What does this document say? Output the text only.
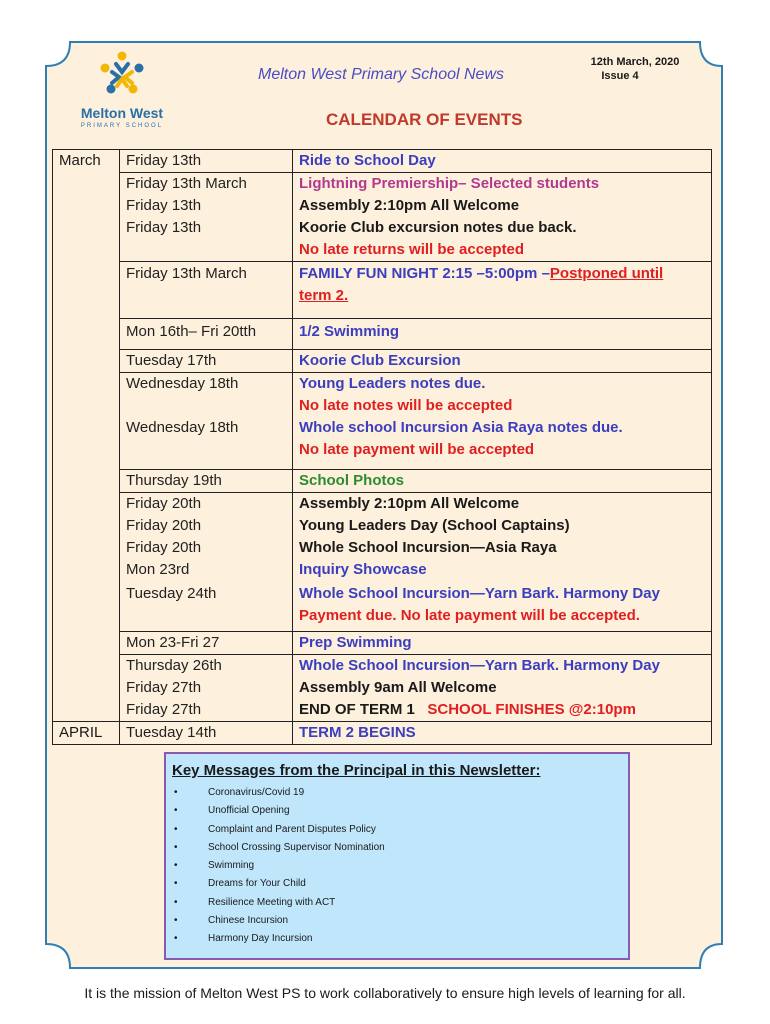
Melton West
PRIMARY SCHOOL
Melton West Primary School News
12th March, 2020
Issue 4
CALENDAR OF EVENTS
March	Friday 13th	Ride to School Day
	Friday 13th March	Lightning Premiership– Selected students
	Friday 13th	Assembly 2:10pm All Welcome
	Friday 13th	Koorie Club excursion notes due back.
No late returns will be accepted

	Friday 13th March	FAMILY FUN NIGHT 2:15 –5:00pm –Postponed until
term 2.

	Mon 16th– Fri 20tth	1/2 Swimming
	Tuesday 17th	Koorie Club Excursion
	Wednesday 18th	Young Leaders notes due.
No late notes will be accepted

	Wednesday 18th	Whole school Incursion Asia Raya notes due.
No late payment will be accepted

	Thursday 19th	School Photos
	Friday 20th	Assembly 2:10pm All Welcome
	Friday 20th	Young Leaders Day (School Captains)
	Friday 20th	Whole School Incursion—Asia Raya
	Mon 23rd	Inquiry Showcase
	Tuesday 24th	Whole School Incursion—Yarn Bark. Harmony Day
Payment due. No late payment will be accepted.

	Mon 23-Fri 27	Prep Swimming
	Thursday 26th	Whole School Incursion—Yarn Bark. Harmony Day
	Friday 27th	Assembly 9am All Welcome
	Friday 27th	END OF TERM 1 SCHOOL FINISHES @2:10pm
APRIL	Tuesday 14th	TERM 2 BEGINS
Key Messages from the Principal in this Newsletter:
• Coronavirus/Covid 19
• Unofficial Opening
• Complaint and Parent Disputes Policy
• School Crossing Supervisor Nomination
• Swimming
• Dreams for Your Child
• Resilience Meeting with ACT
• Chinese Incursion
• Harmony Day Incursion
It is the mission of Melton West PS to work collaboratively to ensure high levels of learning for all.
